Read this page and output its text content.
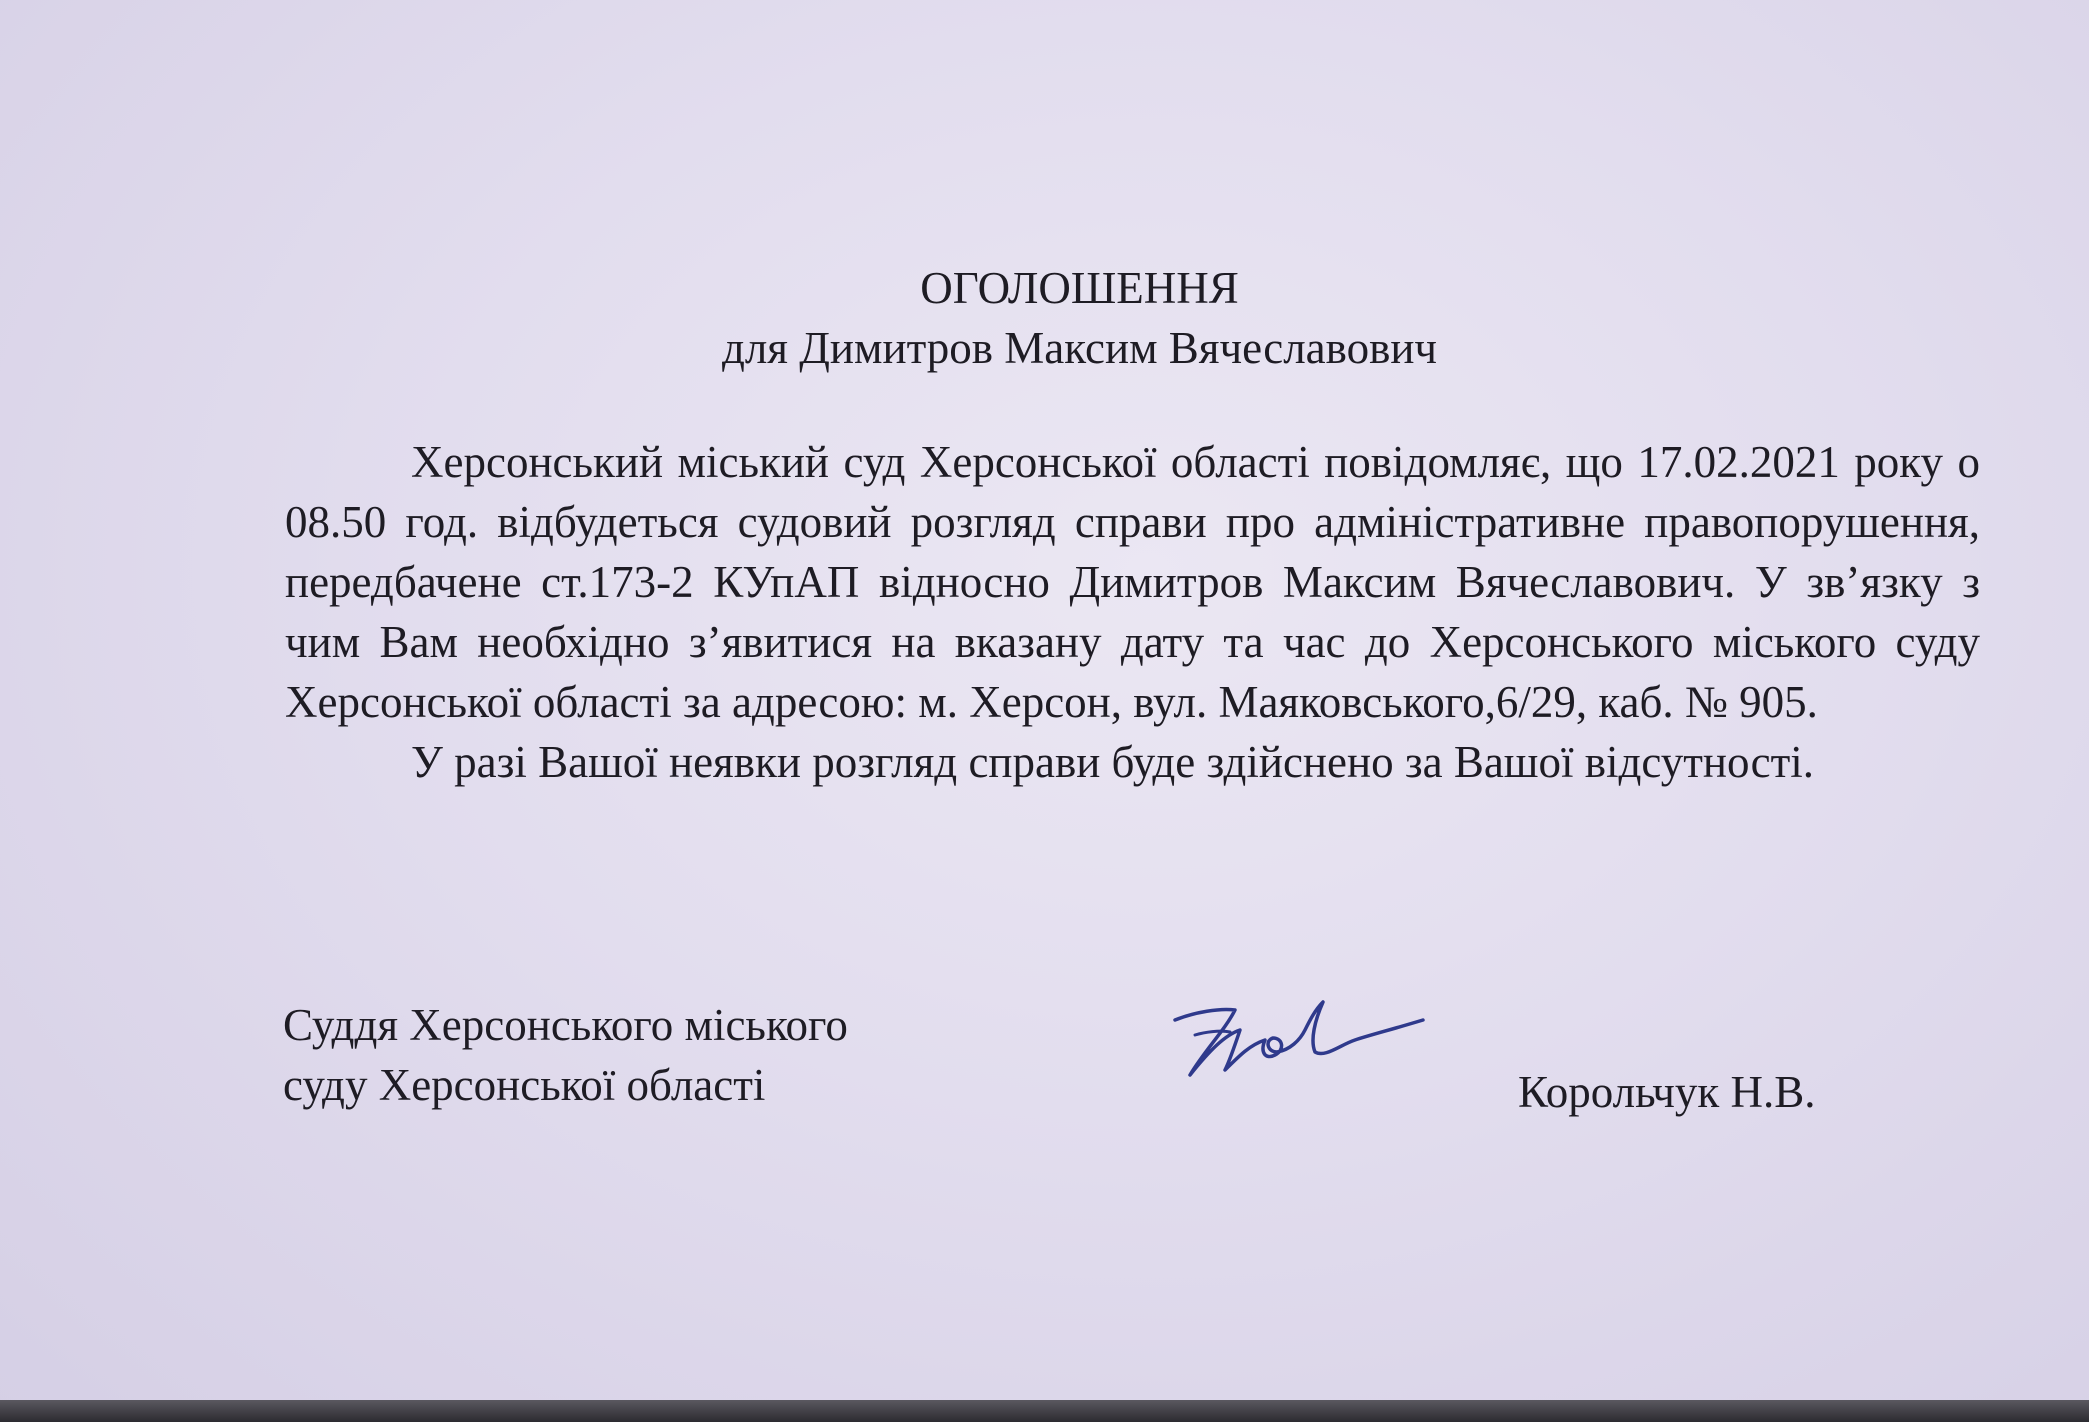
ОГОЛОШЕННЯ
для Димитров Максим Вячеславович

Херсонський міський суд Херсонської області повідомляє, що 17.02.2021 року о 08.50 год. відбудеться судовий розгляд справи про адміністративне правопорушення, передбачене ст.173-2 КУпАП відносно Димитров Максим Вячеславович. У зв’язку з чим Вам необхідно з’явитися на вказану дату та час до Херсонського міського суду Херсонської області за адресою: м. Херсон, вул. Маяковського,6/29, каб. № 905.

У разі Вашої неявки розгляд справи буде здійснено за Вашої відсутності.

Суддя Херсонського міського
суду Херсонської області	Корольчук Н.В.
